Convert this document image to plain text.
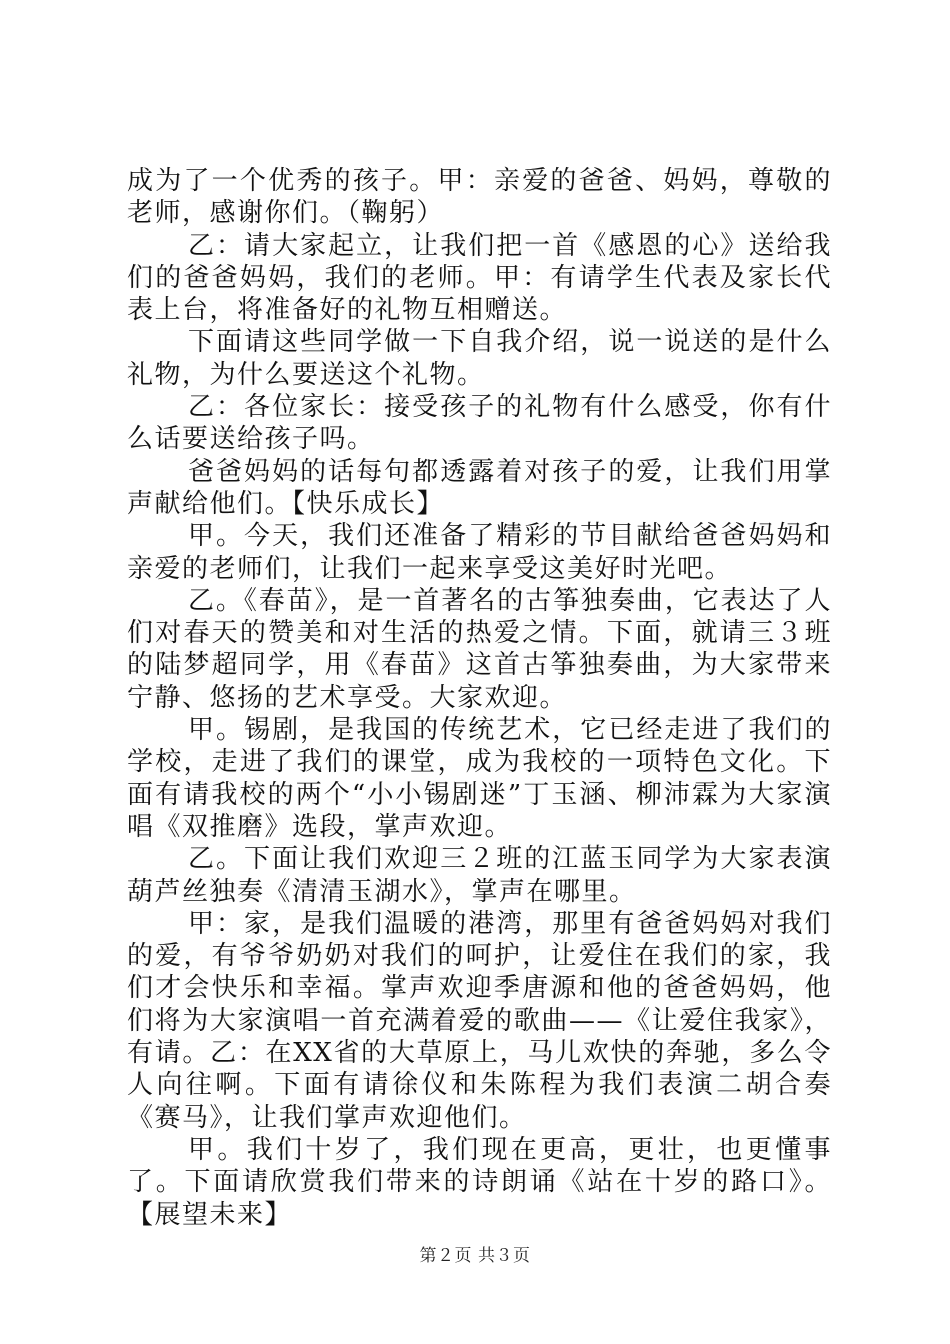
成为了一个优秀的孩子。甲：亲爱的爸爸、妈妈，尊敬的老师，感谢你们。（鞠躬）

乙：请大家起立，让我们把一首《感恩的心》送给我们的爸爸妈妈，我们的老师。甲：有请学生代表及家长代表上台，将准备好的礼物互相赠送。

下面请这些同学做一下自我介绍，说一说送的是什么礼物，为什么要送这个礼物。

乙：各位家长：接受孩子的礼物有什么感受，你有什么话要送给孩子吗。

爸爸妈妈的话每句都透露着对孩子的爱，让我们用掌声献给他们。【快乐成长】

甲。今天，我们还准备了精彩的节目献给爸爸妈妈和亲爱的老师们，让我们一起来享受这美好时光吧。

乙。《春苗》，是一首著名的古筝独奏曲，它表达了人们对春天的赞美和对生活的热爱之情。下面，就请三３班的陆梦超同学，用《春苗》这首古筝独奏曲，为大家带来宁静、悠扬的艺术享受。大家欢迎。

甲。锡剧，是我国的传统艺术，它已经走进了我们的学校，走进了我们的课堂，成为我校的一项特色文化。下面有请我校的两个“小小锡剧迷”丁玉涵、柳沛霖为大家演唱《双推磨》选段，掌声欢迎。

乙。下面让我们欢迎三２班的江蓝玉同学为大家表演葫芦丝独奏《清清玉湖水》，掌声在哪里。

甲：家，是我们温暖的港湾，那里有爸爸妈妈对我们的爱，有爷爷奶奶对我们的呵护，让爱住在我们的家，我们才会快乐和幸福。掌声欢迎季唐源和他的爸爸妈妈，他们将为大家演唱一首充满着爱的歌曲——《让爱住我家》，有请。乙：在XX省的大草原上，马儿欢快的奔驰，多么令人向往啊。下面有请徐仪和朱陈程为我们表演二胡合奏《赛马》，让我们掌声欢迎他们。

甲。我们十岁了，我们现在更高，更壮，也更懂事了。下面请欣赏我们带来的诗朗诵《站在十岁的路口》。【展望未来】

第２页 共３页
